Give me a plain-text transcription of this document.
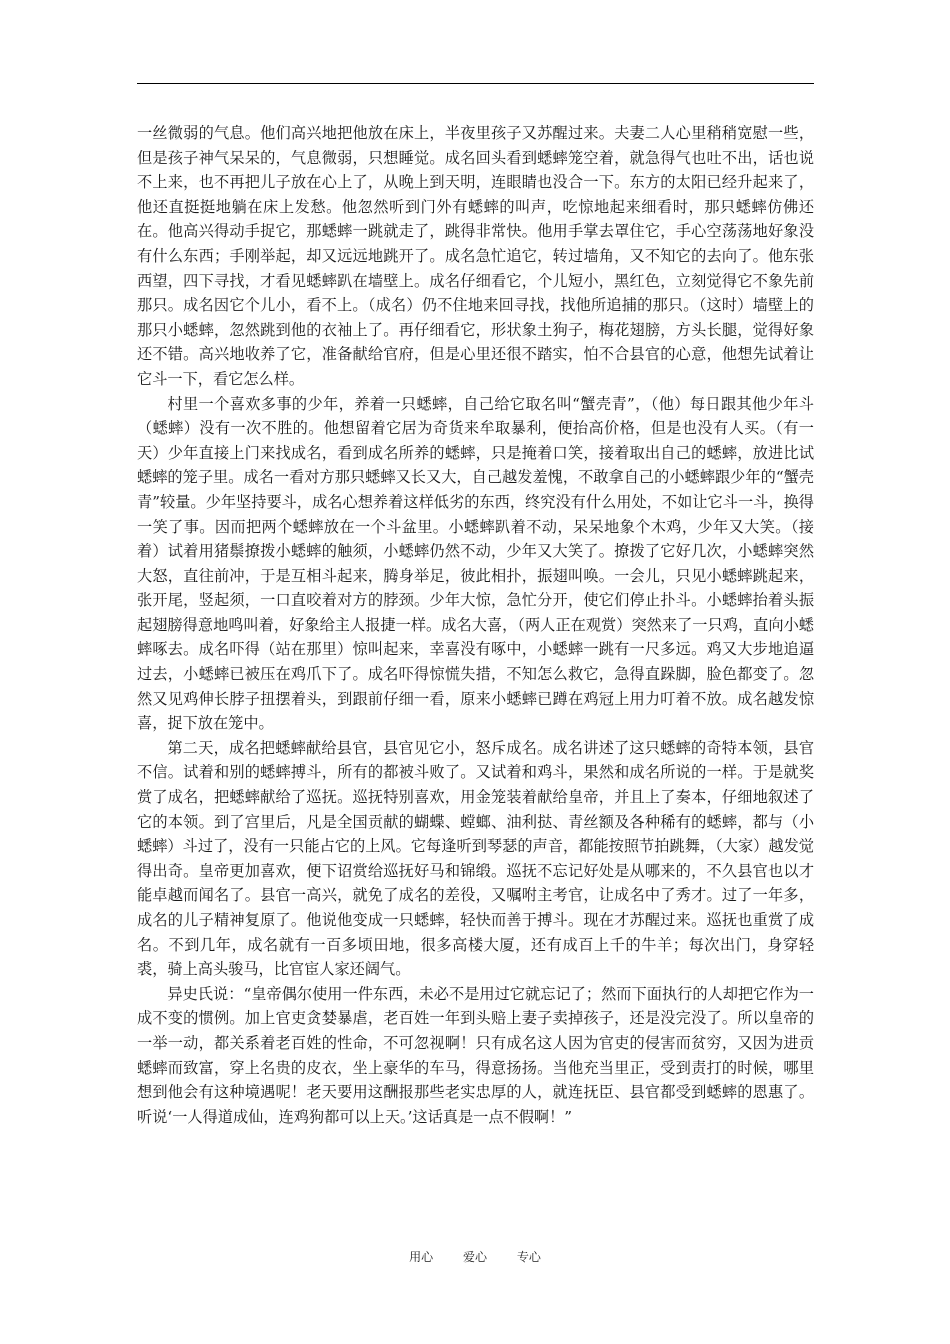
一丝微弱的气息。他们高兴地把他放在床上，半夜里孩子又苏醒过来。夫妻二人心里稍稍宽慰一些，但是孩子神气呆呆的，气息微弱，只想睡觉。成名回头看到蟋蟀笼空着，就急得气也吐不出，话也说不上来，也不再把儿子放在心上了，从晚上到天明，连眼睛也没合一下。东方的太阳已经升起来了，他还直挺挺地躺在床上发愁。他忽然听到门外有蟋蟀的叫声，吃惊地起来细看时，那只蟋蟀仿佛还在。他高兴得动手捉它，那蟋蟀一跳就走了，跳得非常快。他用手掌去罩住它，手心空荡荡地好象没有什么东西；手刚举起，却又远远地跳开了。成名急忙追它，转过墙角，又不知它的去向了。他东张西望，四下寻找，才看见蟋蟀趴在墙壁上。成名仔细看它，个儿短小，黑红色，立刻觉得它不象先前那只。成名因它个儿小，看不上。（成名）仍不住地来回寻找，找他所追捕的那只。（这时）墙壁上的那只小蟋蟀，忽然跳到他的衣袖上了。再仔细看它，形状象土狗子，梅花翅膀，方头长腿，觉得好象还不错。高兴地收养了它，准备献给官府，但是心里还很不踏实，怕不合县官的心意，他想先试着让它斗一下，看它怎么样。

村里一个喜欢多事的少年，养着一只蟋蟀，自己给它取名叫“蟹壳青”，（他）每日跟其他少年斗（蟋蟀）没有一次不胜的。他想留着它居为奇货来牟取暴利，便抬高价格，但是也没有人买。（有一天）少年直接上门来找成名，看到成名所养的蟋蟀，只是掩着口笑，接着取出自己的蟋蟀，放进比试蟋蟀的笼子里。成名一看对方那只蟋蟀又长又大，自己越发羞愧，不敢拿自己的小蟋蟀跟少年的“蟹壳青”较量。少年坚持要斗，成名心想养着这样低劣的东西，终究没有什么用处，不如让它斗一斗，换得一笑了事。因而把两个蟋蟀放在一个斗盆里。小蟋蟀趴着不动，呆呆地象个木鸡，少年又大笑。（接着）试着用猪鬃撩拨小蟋蟀的触须，小蟋蟀仍然不动，少年又大笑了。撩拨了它好几次，小蟋蟀突然大怒，直往前冲，于是互相斗起来，腾身举足，彼此相扑，振翅叫唤。一会儿，只见小蟋蟀跳起来，张开尾，竖起须，一口直咬着对方的脖颈。少年大惊，急忙分开，使它们停止扑斗。小蟋蟀抬着头振起翅膀得意地鸣叫着，好象给主人报捷一样。成名大喜，（两人正在观赏）突然来了一只鸡，直向小蟋蟀啄去。成名吓得（站在那里）惊叫起来，幸喜没有啄中，小蟋蟀一跳有一尺多远。鸡又大步地追逼过去，小蟋蟀已被压在鸡爪下了。成名吓得惊慌失措，不知怎么救它，急得直跺脚，脸色都变了。忽然又见鸡伸长脖子扭摆着头，到跟前仔细一看，原来小蟋蟀已蹲在鸡冠上用力叮着不放。成名越发惊喜，捉下放在笼中。

第二天，成名把蟋蟀献给县官，县官见它小，怒斥成名。成名讲述了这只蟋蟀的奇特本领，县官不信。试着和别的蟋蟀搏斗，所有的都被斗败了。又试着和鸡斗，果然和成名所说的一样。于是就奖赏了成名，把蟋蟀献给了巡抚。巡抚特别喜欢，用金笼装着献给皇帝，并且上了奏本，仔细地叙述了它的本领。到了宫里后，凡是全国贡献的蝴蝶、螳螂、油利挞、青丝额及各种稀有的蟋蟀，都与（小蟋蟀）斗过了，没有一只能占它的上风。它每逢听到琴瑟的声音，都能按照节拍跳舞，（大家）越发觉得出奇。皇帝更加喜欢，便下诏赏给巡抚好马和锦缎。巡抚不忘记好处是从哪来的，不久县官也以才能卓越而闻名了。县官一高兴，就免了成名的差役，又嘱咐主考官，让成名中了秀才。过了一年多，成名的儿子精神复原了。他说他变成一只蟋蟀，轻快而善于搏斗。现在才苏醒过来。巡抚也重赏了成名。不到几年，成名就有一百多顷田地，很多高楼大厦，还有成百上千的牛羊；每次出门，身穿轻裘，骑上高头骏马，比官宦人家还阔气。

异史氏说：“皇帝偶尔使用一件东西，未必不是用过它就忘记了；然而下面执行的人却把它作为一成不变的惯例。加上官吏贪婪暴虐，老百姓一年到头赔上妻子卖掉孩子，还是没完没了。所以皇帝的一举一动，都关系着老百姓的性命，不可忽视啊！只有成名这人因为官吏的侵害而贫穷，又因为进贡蟋蟀而致富，穿上名贵的皮衣，坐上豪华的车马，得意扬扬。当他充当里正，受到责打的时候，哪里想到他会有这种境遇呢！老天要用这酬报那些老实忠厚的人，就连抚臣、县官都受到蟋蟀的恩惠了。听说‘一人得道成仙，连鸡狗都可以上天。’这话真是一点不假啊！”

用心 爱心 专心
